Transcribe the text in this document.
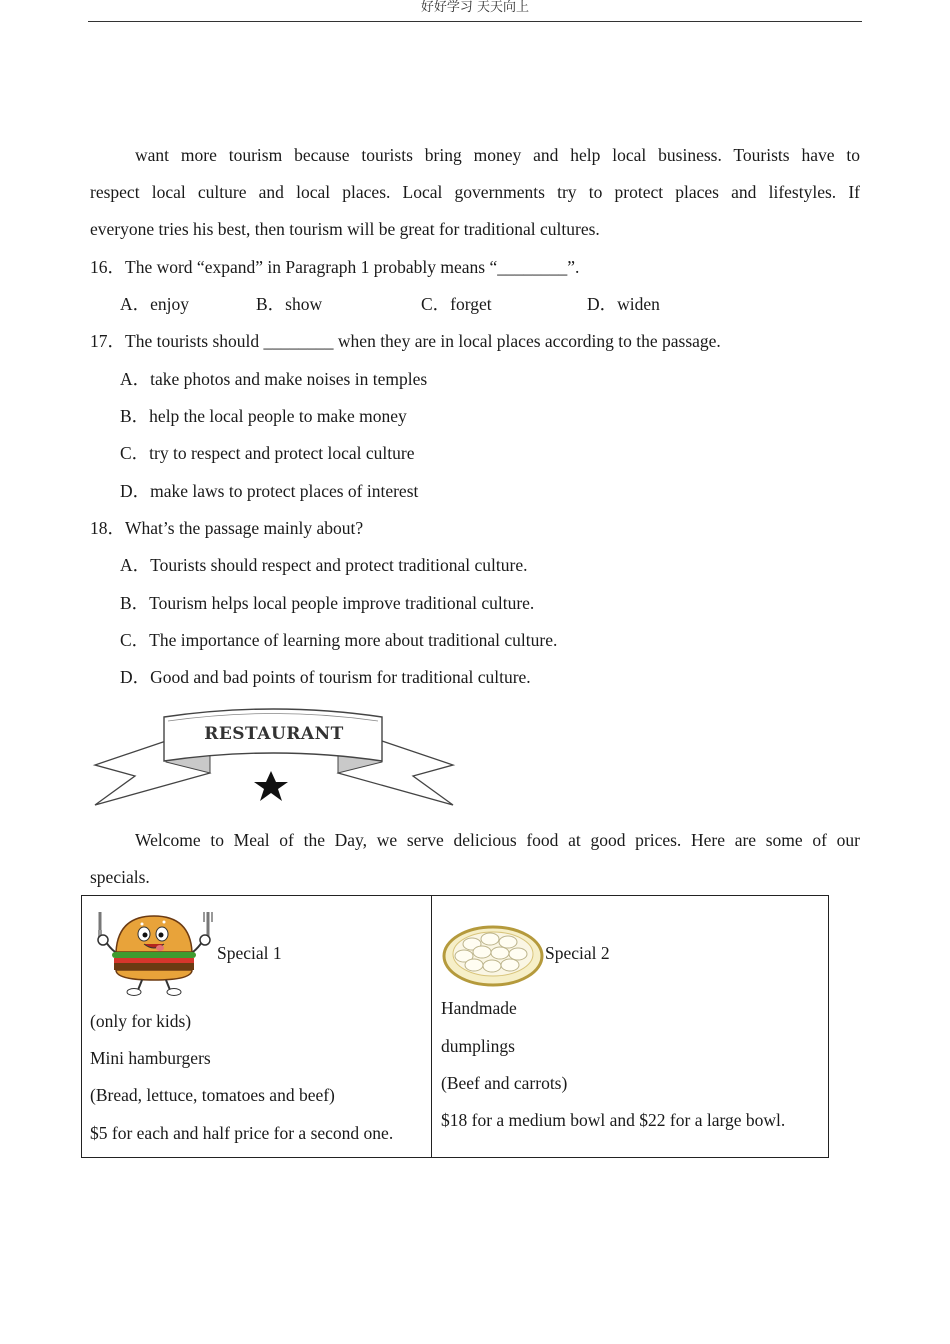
好好学习 天天向上
want more tourism because tourists bring money and help local business. Tourists have to
respect local culture and local places. Local governments try to protect places and lifestyles. If
everyone tries his best, then tourism will be great for traditional cultures.
16．The word “expand” in Paragraph 1 probably means “________”.
A．enjoy	B．show	C．forget	D．widen
17．The tourists should ________ when they are in local places according to the passage.
A．take photos and make noises in temples
B．help the local people to make money
C．try to respect and protect local culture
D．make laws to protect places of interest
18．What’s the passage mainly about?
A．Tourists should respect and protect traditional culture.
B．Tourism helps local people improve traditional culture.
C．The importance of learning more about traditional culture.
D．Good and bad points of tourism for traditional culture.
RESTAURANT
Welcome to Meal of the Day, we serve delicious food at good prices. Here are some of our
specials.
Special 1
(only for kids)
Mini hamburgers
(Bread, lettuce, tomatoes and beef)
$5 for each and half price for a second one.

Special 2
Handmade
dumplings
(Beef and carrots)
$18 for a medium bowl and $22 for a large bowl.
